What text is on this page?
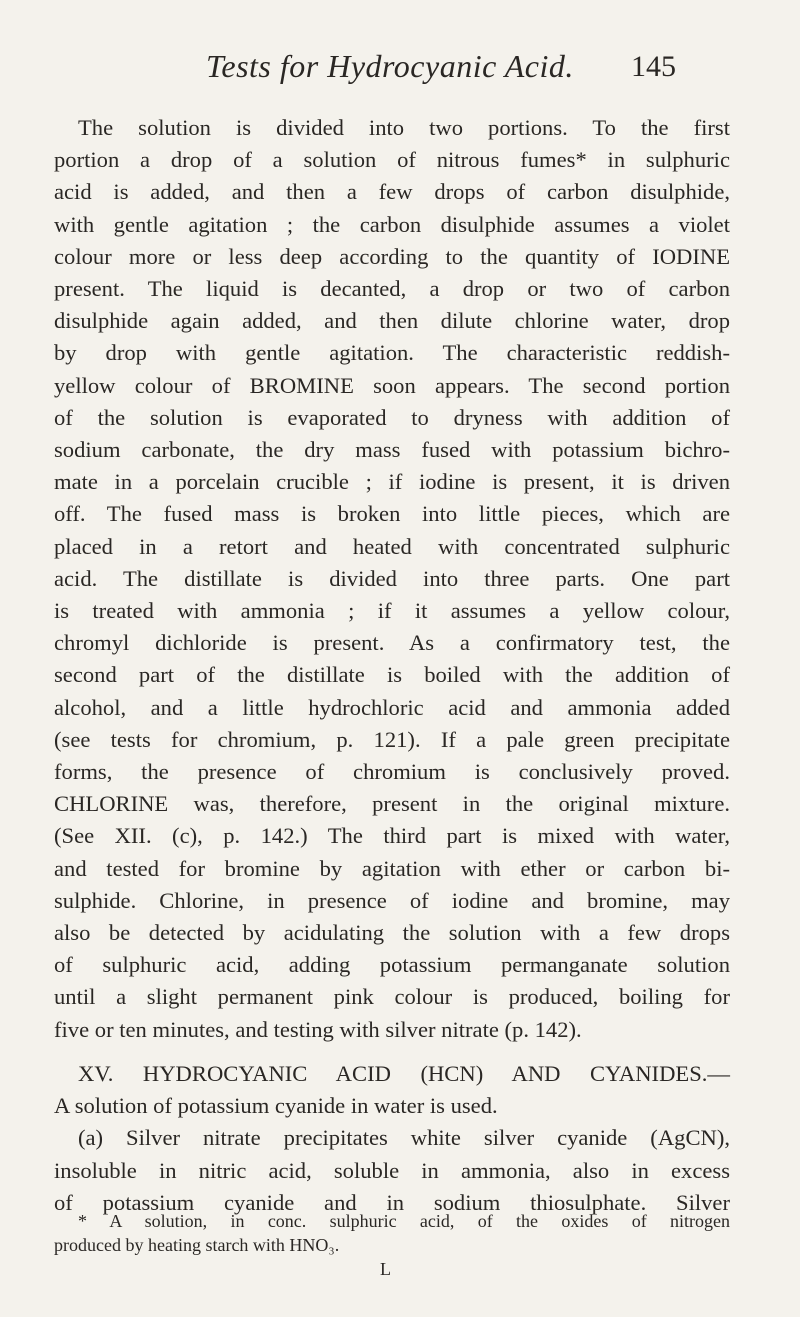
Tests for Hydrocyanic Acid. 145
The solution is divided into two portions. To the first
portion a drop of a solution of nitrous fumes* in sulphuric
acid is added, and then a few drops of carbon disulphide,
with gentle agitation ; the carbon disulphide assumes a violet
colour more or less deep according to the quantity of IODINE
present. The liquid is decanted, a drop or two of carbon
disulphide again added, and then dilute chlorine water, drop
by drop with gentle agitation. The characteristic reddish-
yellow colour of BROMINE soon appears. The second portion
of the solution is evaporated to dryness with addition of
sodium carbonate, the dry mass fused with potassium bichro-
mate in a porcelain crucible ; if iodine is present, it is driven
off. The fused mass is broken into little pieces, which are
placed in a retort and heated with concentrated sulphuric
acid. The distillate is divided into three parts. One part
is treated with ammonia ; if it assumes a yellow colour,
chromyl dichloride is present. As a confirmatory test, the
second part of the distillate is boiled with the addition of
alcohol, and a little hydrochloric acid and ammonia added
(see tests for chromium, p. 121). If a pale green precipitate
forms, the presence of chromium is conclusively proved.
CHLORINE was, therefore, present in the original mixture.
(See XII. (c), p. 142.) The third part is mixed with water,
and tested for bromine by agitation with ether or carbon bi-
sulphide. Chlorine, in presence of iodine and bromine, may
also be detected by acidulating the solution with a few drops
of sulphuric acid, adding potassium permanganate solution
until a slight permanent pink colour is produced, boiling for
five or ten minutes, and testing with silver nitrate (p. 142).
XV. HYDROCYANIC ACID (HCN) AND CYANIDES.—
A solution of potassium cyanide in water is used.
(a) Silver nitrate precipitates white silver cyanide (AgCN),
insoluble in nitric acid, soluble in ammonia, also in excess
of potassium cyanide and in sodium thiosulphate. Silver
* A solution, in conc. sulphuric acid, of the oxides of nitrogen
produced by heating starch with HNO₃.
L
